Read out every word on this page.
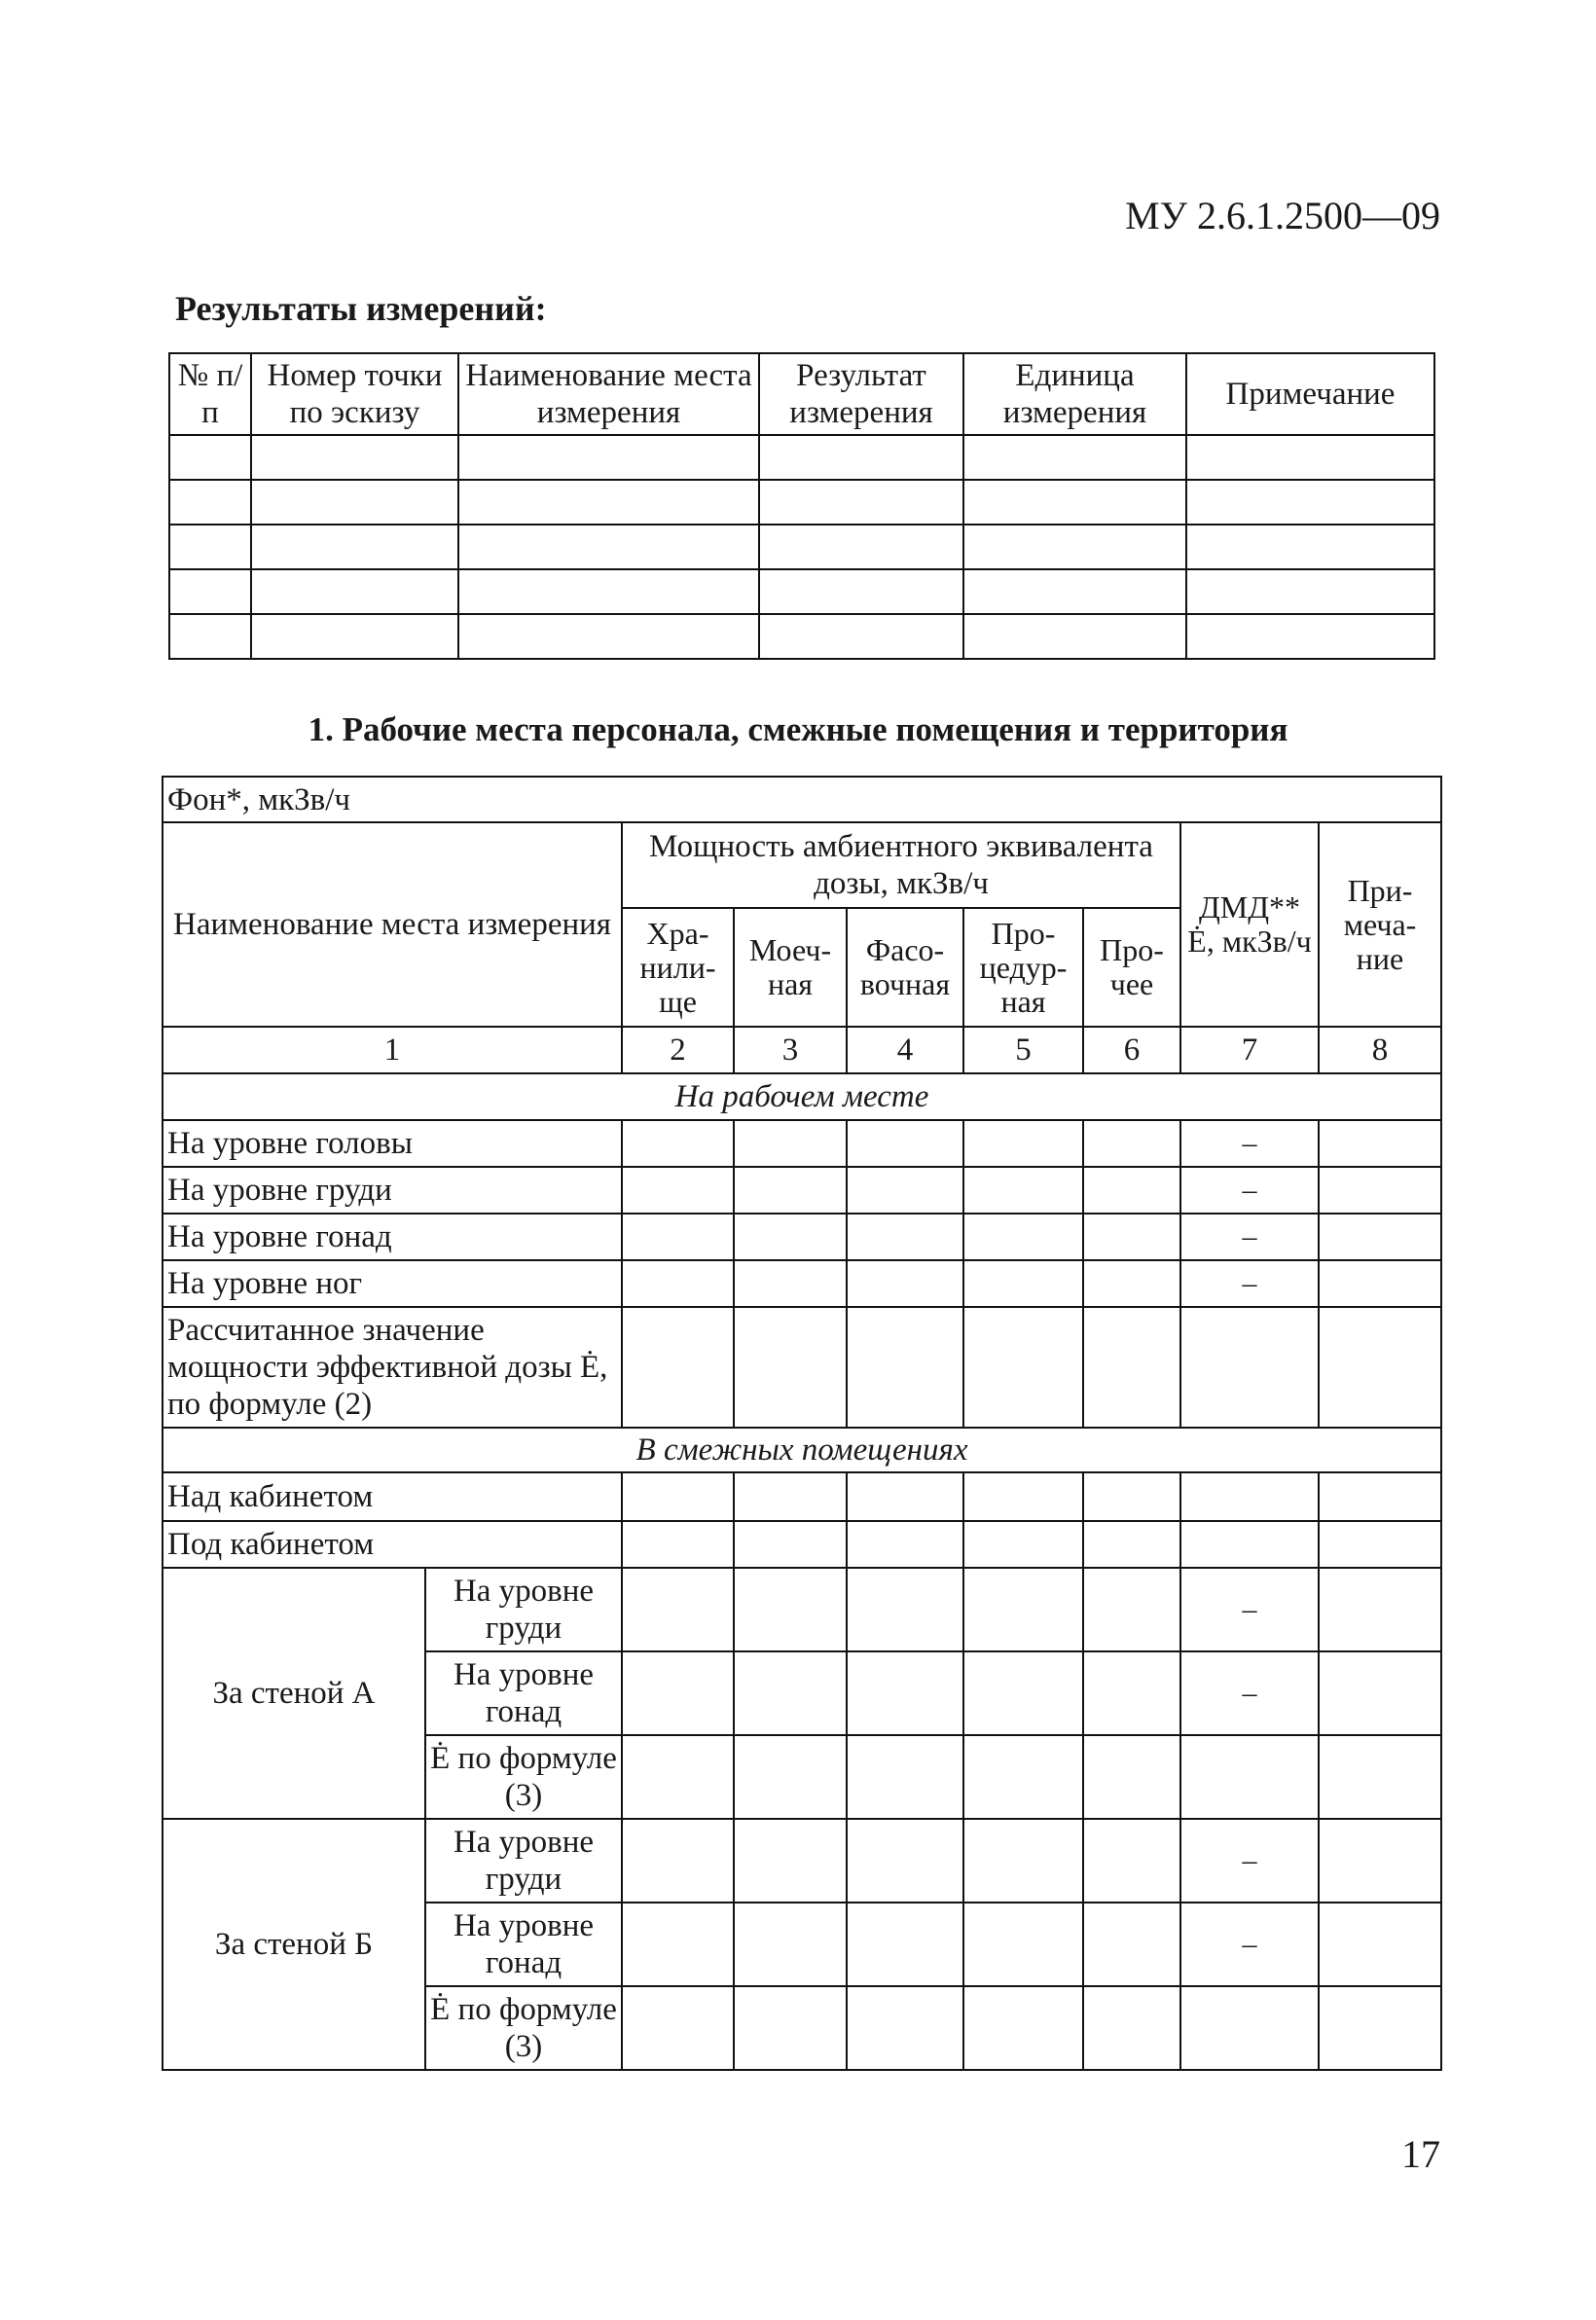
МУ 2.6.1.2500—09
Результаты измерений:
№ п/п	Номер точки по эскизу	Наименование места измерения	Результат измерения	Единица измерения	Примечание

1. Рабочие места персонала, смежные помещения и территория
Фон*, мкЗв/ч								
Наименование места измерения		Мощность амбиентного эквивалента дозы, мкЗв/ч					ДМД** Ė, мкЗв/ч	При-меча-ние
		Хра-нили-ще	Моеч-ная	Фасо-вочная	Про-цедур-ная	Про-чее		
1		2	3	4	5	6	7	8
На рабочем месте								
На уровне головы							–	
На уровне груди							–	
На уровне гонад							–	
На уровне ног							–	
Рассчитанное значение мощности эффективной дозы Ė, по формуле (2)								
В смежных помещениях								
Над кабинетом								
Под кабинетом								
За стеной А	На уровне груди						–	
	На уровне гонад						–	
	Ė по формуле (3)							
За стеной Б	На уровне груди						–	
	На уровне гонад						–	
	Ė по формуле (3)							
17
